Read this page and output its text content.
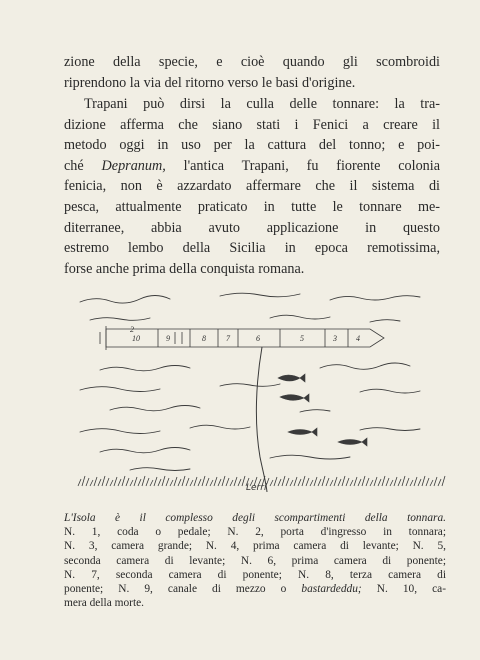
zione della specie, e cioè quando gli scombroidi
riprendono la via del ritorno verso le basi d'origine.

Trapani può dirsi la culla delle tonnare: la tra-
dizione afferma che siano stati i Fenici a creare il
metodo oggi in uso per la cattura del tonno; e poi-
ché Depranum, l'antica Trapani, fu fiorente colonia
fenicia, non è azzardato affermare che il sistema di
pesca, attualmente praticato in tutte le tonnare me-
diterranee, abbia avuto applicazione in questo
estremo lembo della Sicilia in epoca remotissima,
forse anche prima della conquista romana.

10	9	8	7	6	5	3 4
2
Lerri

L'Isola è il complesso degli scompartimenti della tonnara.
N. 1, coda o pedale; N. 2, porta d'ingresso in tonnara;
N. 3, camera grande; N. 4, prima camera di levante; N. 5,
seconda camera di levante; N. 6, prima camera di ponente;
N. 7, seconda camera di ponente; N. 8, terza camera di
ponente; N. 9, canale di mezzo o bastardeddu; N. 10, ca-
mera della morte.
